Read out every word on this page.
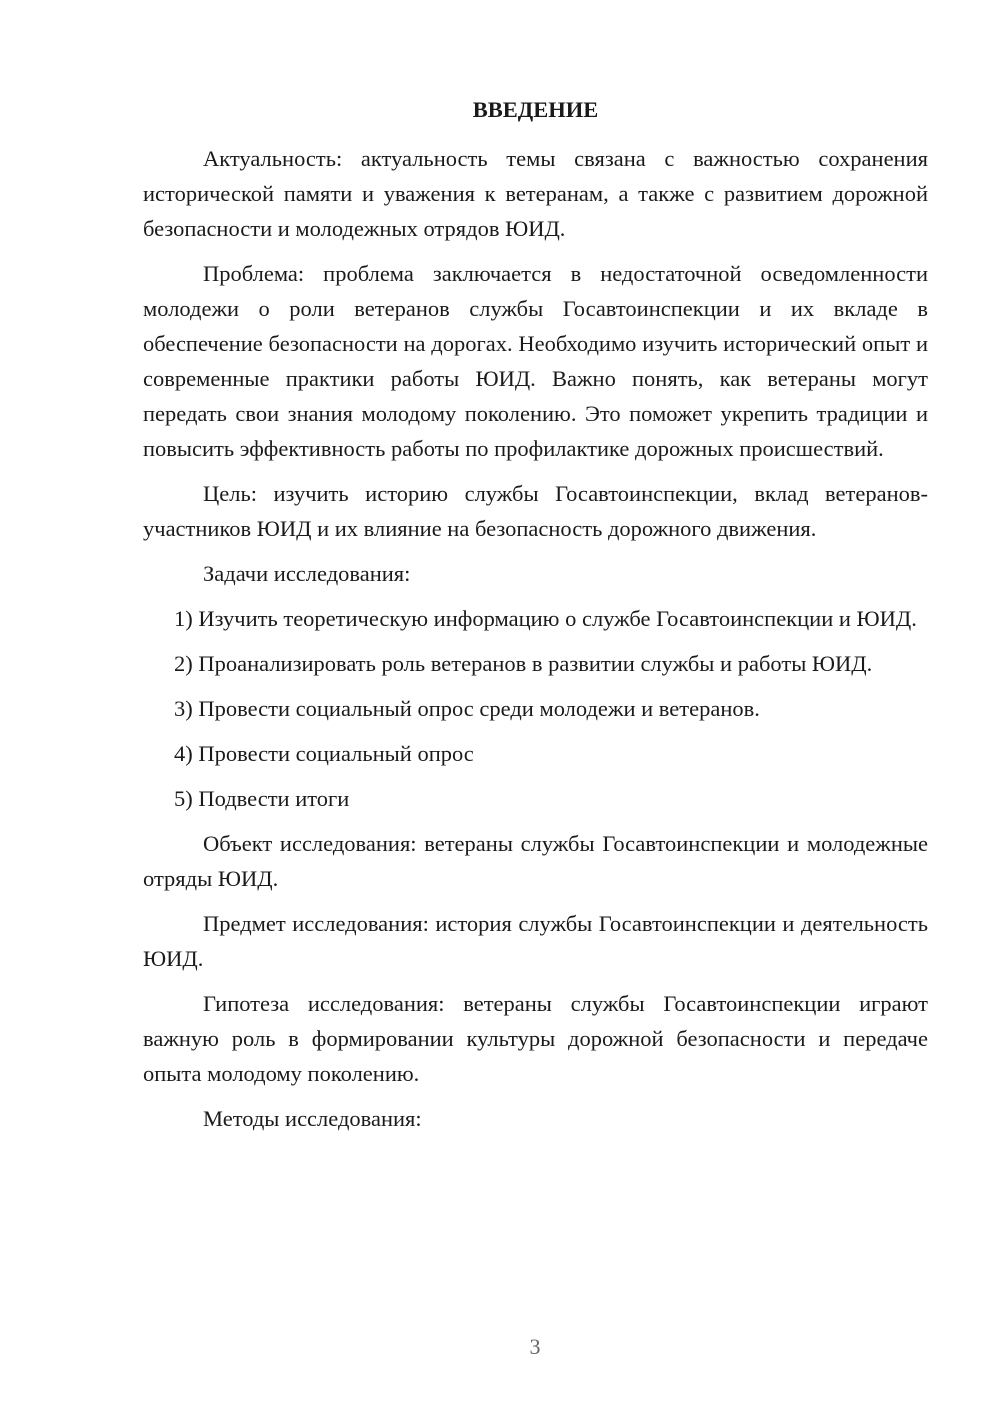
ВВЕДЕНИЕ

Актуальность: актуальность темы связана с важностью сохранения исторической памяти и уважения к ветеранам, а также с развитием дорожной безопасности и молодежных отрядов ЮИД.

Проблема: проблема заключается в недостаточной осведомленности молодежи о роли ветеранов службы Госавтоинспекции и их вкладе в обеспечение безопасности на дорогах. Необходимо изучить исторический опыт и современные практики работы ЮИД. Важно понять, как ветераны могут передать свои знания молодому поколению. Это поможет укрепить традиции и повысить эффективность работы по профилактике дорожных происшествий.

Цель: изучить историю службы Госавтоинспекции, вклад ветеранов-участников ЮИД и их влияние на безопасность дорожного движения.

Задачи исследования:

1) Изучить теоретическую информацию о службе Госавтоинспекции и ЮИД.

2) Проанализировать роль ветеранов в развитии службы и работы ЮИД.

3) Провести социальный опрос среди молодежи и ветеранов.

4) Провести социальный опрос

5) Подвести итоги

Объект исследования: ветераны службы Госавтоинспекции и молодежные отряды ЮИД.

Предмет исследования: история службы Госавтоинспекции и деятельность ЮИД.

Гипотеза исследования: ветераны службы Госавтоинспекции играют важную роль в формировании культуры дорожной безопасности и передаче опыта молодому поколению.

Методы исследования:

3
